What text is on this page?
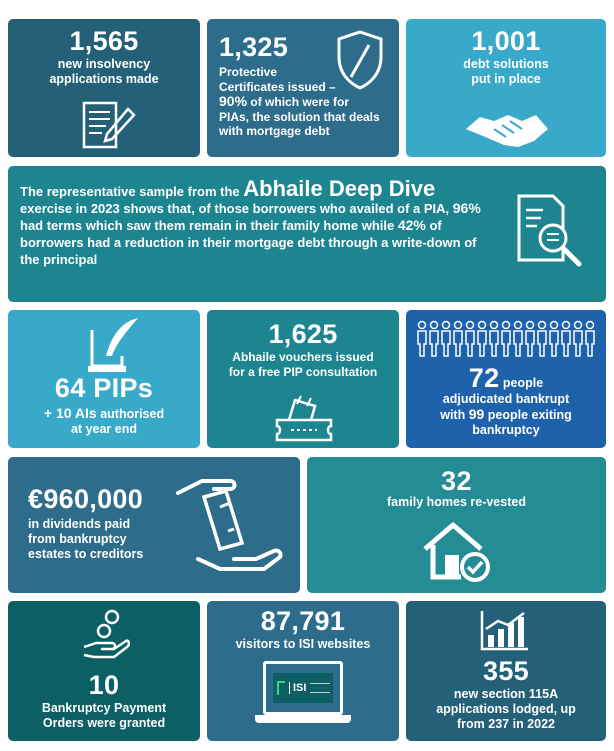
1,565
new insolvency
applications made
1,325
Protective
Certificates issued –
90% of which were for
PIAs, the solution that deals
with mortgage debt
1,001
debt solutions
put in place
The representative sample from the Abhaile Deep Dive
exercise in 2023 shows that, of those borrowers who availed of a PIA, 96%
had terms which saw them remain in their family home while 42% of
borrowers had a reduction in their mortgage debt through a write-down of
the principal
64 PIPs
+ 10 AIs authorised
at year end
1,625
Abhaile vouchers issued
for a free PIP consultation	72 people
adjudicated bankrupt
with 99 people exiting
bankruptcy
€960,000
in dividends paid
from bankruptcy
estates to creditors
32
family homes re-vested
10
Bankruptcy Payment
Orders were granted
87,791
visitors to ISI websites
ISI
355
new section 115A
applications lodged, up
from 237 in 2022
